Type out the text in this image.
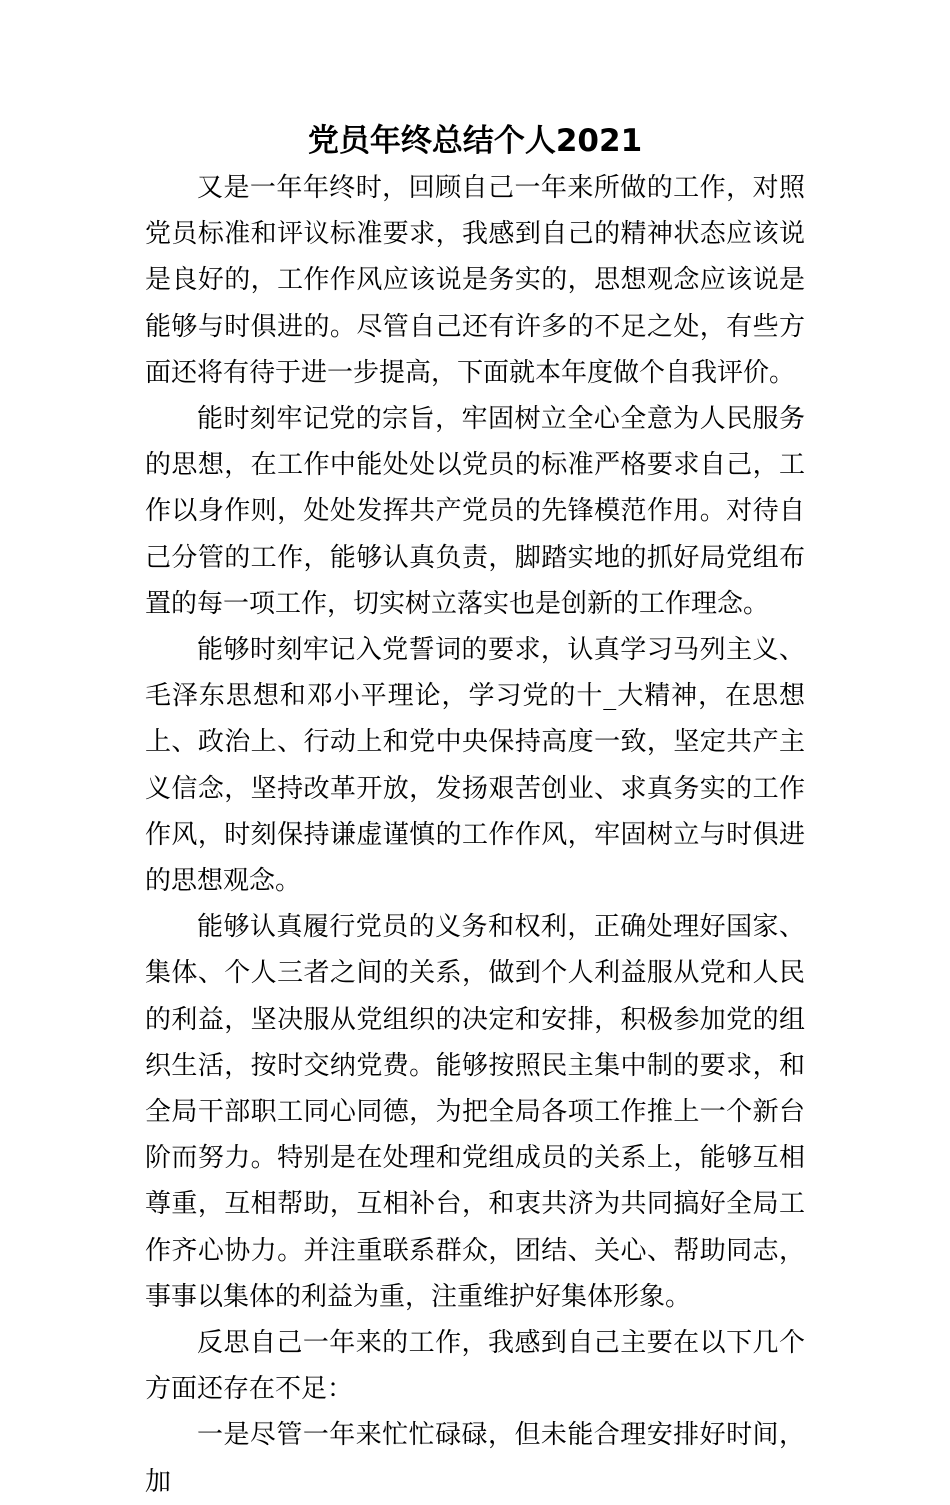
党员年终总结个人2021

又是一年年终时，回顾自己一年来所做的工作，对照党员标准和评议标准要求，我感到自己的精神状态应该说是良好的，工作作风应该说是务实的，思想观念应该说是能够与时俱进的。尽管自己还有许多的不足之处，有些方面还将有待于进一步提高，下面就本年度做个自我评价。

能时刻牢记党的宗旨，牢固树立全心全意为人民服务的思想，在工作中能处处以党员的标准严格要求自己，工作以身作则，处处发挥共产党员的先锋模范作用。对待自己分管的工作，能够认真负责，脚踏实地的抓好局党组布置的每一项工作，切实树立落实也是创新的工作理念。

能够时刻牢记入党誓词的要求，认真学习马列主义、毛泽东思想和邓小平理论，学习党的十_大精神，在思想上、政治上、行动上和党中央保持高度一致，坚定共产主义信念，坚持改革开放，发扬艰苦创业、求真务实的工作作风，时刻保持谦虚谨慎的工作作风，牢固树立与时俱进的思想观念。

能够认真履行党员的义务和权利，正确处理好国家、集体、个人三者之间的关系，做到个人利益服从党和人民的利益，坚决服从党组织的决定和安排，积极参加党的组织生活，按时交纳党费。能够按照民主集中制的要求，和全局干部职工同心同德，为把全局各项工作推上一个新台阶而努力。特别是在处理和党组成员的关系上，能够互相尊重，互相帮助，互相补台，和衷共济为共同搞好全局工作齐心协力。并注重联系群众，团结、关心、帮助同志，事事以集体的利益为重，注重维护好集体形象。

反思自己一年来的工作，我感到自己主要在以下几个方面还存在不足：

一是尽管一年来忙忙碌碌，但未能合理安排好时间，加
